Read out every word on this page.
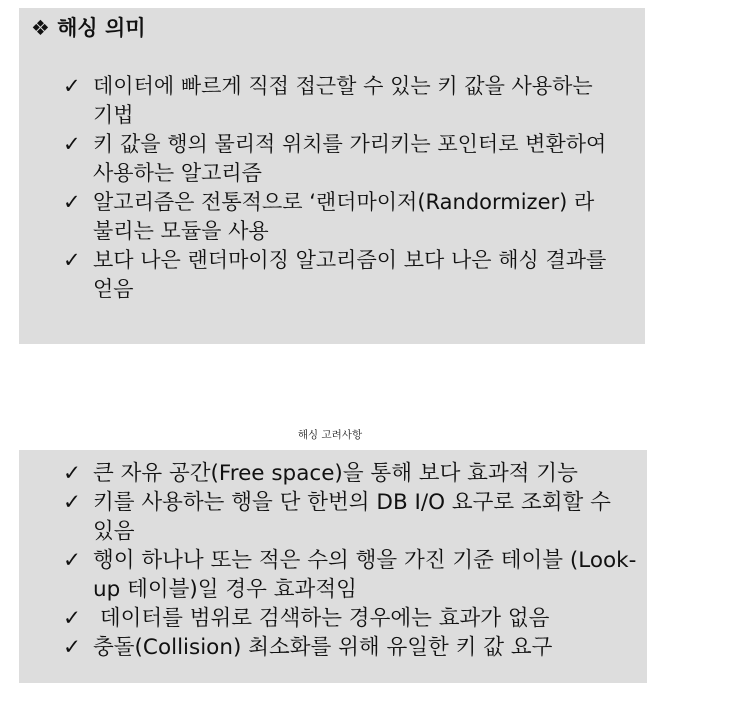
❖ 해싱 의미
✓ 데이터에 빠르게 직접 접근할 수 있는 키 값을 사용하는 기법
✓ 키 값을 행의 물리적 위치를 가리키는 포인터로 변환하여 사용하는 알고리즘
✓ 알고리즘은 전통적으로 ‘랜더마이저(Randormizer) 라 불리는 모듈을 사용
✓ 보다 나은 랜더마이징 알고리즘이 보다 나은 해싱 결과를 얻음
해싱 고려사항
✓ 큰 자유 공간(Free space)을 통해 보다 효과적 기능
✓ 키를 사용하는 행을 단 한번의 DB I/O 요구로 조회할 수 있음
✓ 행이 하나나 또는 적은 수의 행을 가진 기준 테이블 (Look-up 테이블)일 경우 효과적임
✓ 데이터를 범위로 검색하는 경우에는 효과가 없음
✓ 충돌(Collision) 최소화를 위해 유일한 키 값 요구
